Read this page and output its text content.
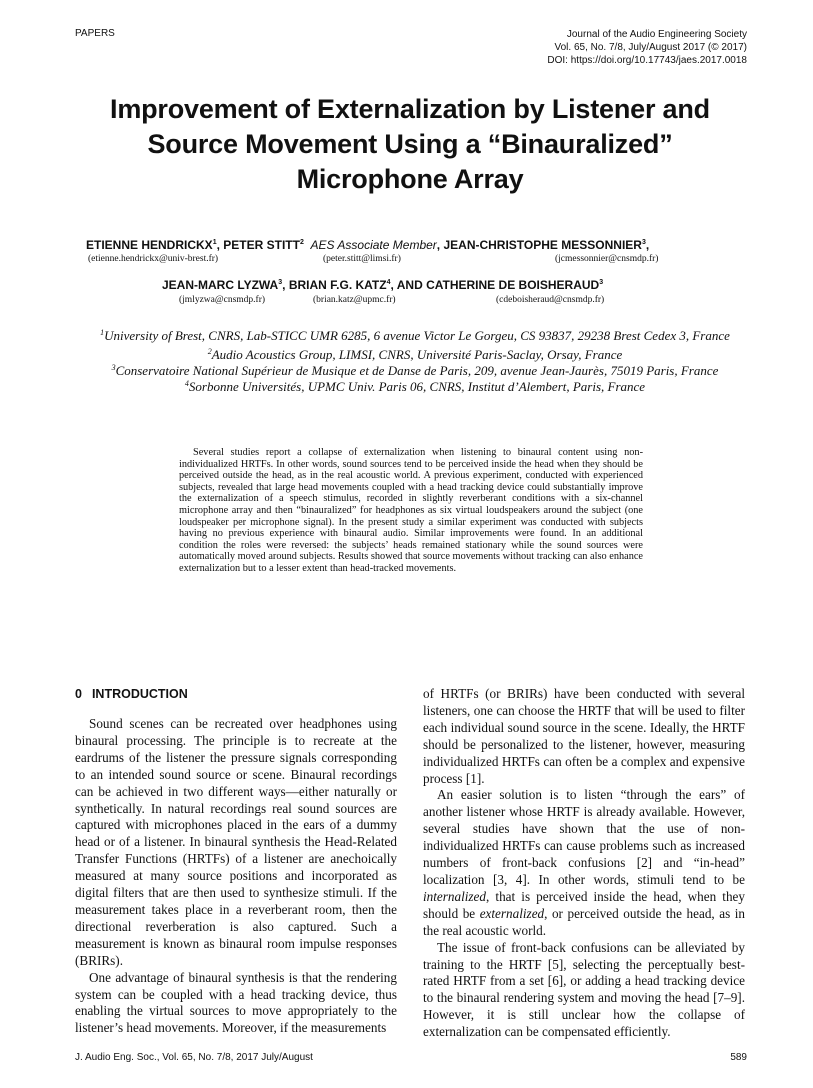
PAPERS	Journal of the Audio Engineering Society
Vol. 65, No. 7/8, July/August 2017 (© 2017)
DOI: https://doi.org/10.17743/jaes.2017.0018
Improvement of Externalization by Listener and
Source Movement Using a “Binauralized”
Microphone Array
ETIENNE HENDRICKX$^1$, PETER STITT$^2$ AES Associate Member, JEAN-CHRISTOPHE MESSONNIER$^3$,
(etienne.hendrickx@univ-brest.fr)	(peter.stitt@limsi.fr)	(jcmessonnier@cnsmdp.fr)
JEAN-MARC LYZWA$^3$, BRIAN F.G. KATZ$^4$, AND CATHERINE DE BOISHERAUD$^3$
(jmlyzwa@cnsmdp.fr)	(brian.katz@upmc.fr)	(cdeboisheraud@cnsmdp.fr)
$^1$University of Brest, CNRS, Lab-STICC UMR 6285, 6 avenue Victor Le Gorgeu, CS 93837, 29238 Brest Cedex 3, France
$^2$Audio Acoustics Group, LIMSI, CNRS, Université Paris-Saclay, Orsay, France
$^3$Conservatoire National Supérieur de Musique et de Danse de Paris, 209, avenue Jean-Jaurès, 75019 Paris, France
$^4$Sorbonne Universités, UPMC Univ. Paris 06, CNRS, Institut d’Alembert, Paris, France

Several studies report a collapse of externalization when listening to binaural content using non-individualized HRTFs. In other words, sound sources tend to be perceived inside the head when they should be perceived outside the head, as in the real acoustic world. A previous experiment, conducted with experienced subjects, revealed that large head movements coupled with a head tracking device could substantially improve the externalization of a speech stimulus, recorded in slightly reverberant conditions with a six-channel microphone array and then “binauralized” for headphones as six virtual loudspeakers around the subject (one loudspeaker per microphone signal). In the present study a similar experiment was conducted with subjects having no previous experience with binaural audio. Similar improvements were found. In an additional condition the roles were reversed: the subjects’ heads remained stationary while the sound sources were automatically moved around subjects. Results showed that source movements without tracking can also enhance externalization but to a lesser extent than head-tracked movements.

0 INTRODUCTION

Sound scenes can be recreated over headphones using binaural processing. The principle is to recreate at the eardrums of the listener the pressure signals corresponding to an intended sound source or scene. Binaural recordings can be achieved in two different ways—either naturally or synthetically. In natural recordings real sound sources are captured with microphones placed in the ears of a dummy head or of a listener. In binaural synthesis the Head-Related Transfer Functions (HRTFs) of a listener are anechoically measured at many source positions and incorporated as digital filters that are then used to synthesize stimuli. If the measurement takes place in a reverberant room, then the directional reverberation is also captured. Such a measurement is known as binaural room impulse responses (BRIRs).

One advantage of binaural synthesis is that the rendering system can be coupled with a head tracking device, thus enabling the virtual sources to move appropriately to the listener’s head movements. Moreover, if the measurements

of HRTFs (or BRIRs) have been conducted with several listeners, one can choose the HRTF that will be used to filter each individual sound source in the scene. Ideally, the HRTF should be personalized to the listener, however, measuring individualized HRTFs can often be a complex and expensive process [1].

An easier solution is to listen “through the ears” of another listener whose HRTF is already available. However, several studies have shown that the use of non-individualized HRTFs can cause problems such as increased numbers of front-back confusions [2] and “in-head” localization [3, 4]. In other words, stimuli tend to be internalized, that is perceived inside the head, when they should be externalized, or perceived outside the head, as in the real acoustic world.

The issue of front-back confusions can be alleviated by training to the HRTF [5], selecting the perceptually best-rated HRTF from a set [6], or adding a head tracking device to the binaural rendering system and moving the head [7–9]. However, it is still unclear how the collapse of externalization can be compensated efficiently.

J. Audio Eng. Soc., Vol. 65, No. 7/8, 2017 July/August	589
